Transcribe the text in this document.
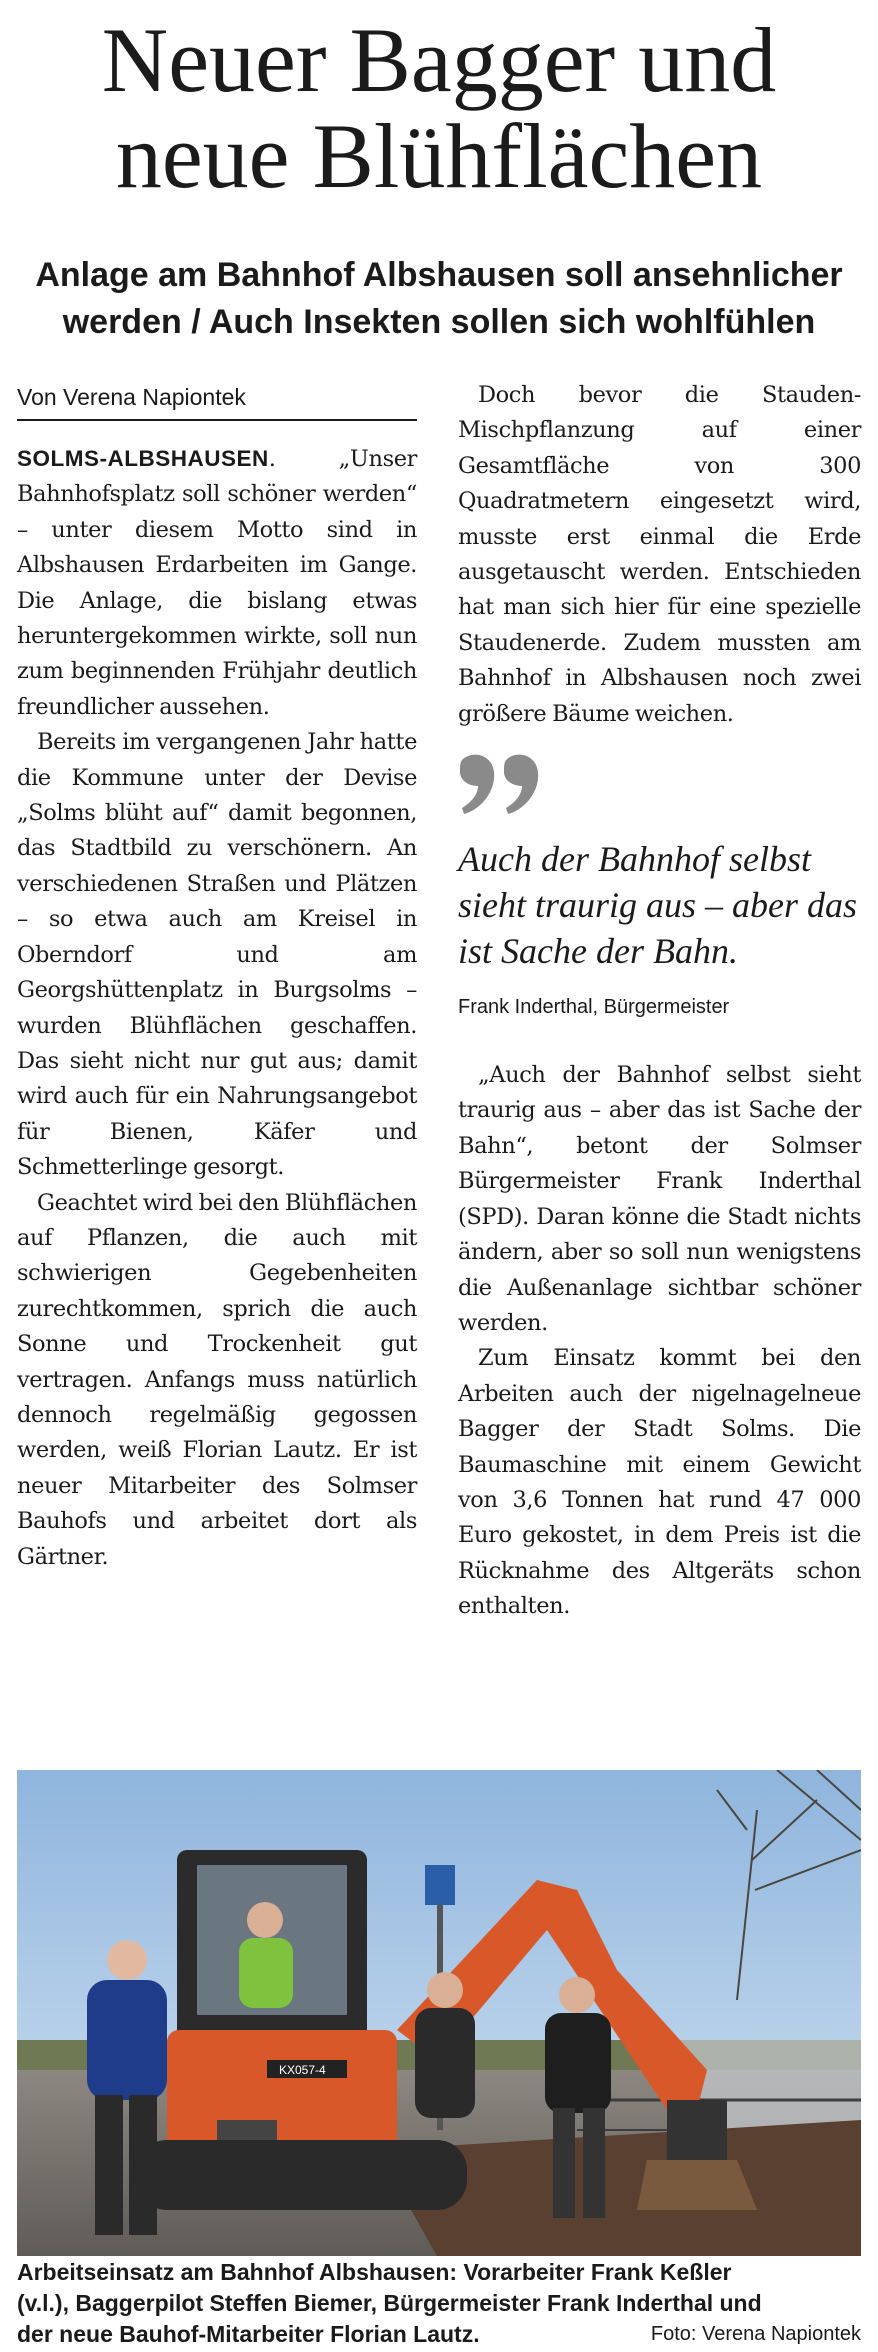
Neuer Bagger und
neue Blühflächen
Anlage am Bahnhof Albshausen soll ansehnlicher
werden / Auch Insekten sollen sich wohlfühlen
Von Verena Napiontek

SOLMS-ALBSHAUSEN. „Unser Bahnhofsplatz soll schöner werden“ – unter diesem Motto sind in Albshausen Erdarbeiten im Gange. Die Anlage, die bislang etwas heruntergekommen wirkte, soll nun zum beginnenden Frühjahr deutlich freundlicher aussehen.

Bereits im vergangenen Jahr hatte die Kommune unter der Devise „Solms blüht auf“ damit begonnen, das Stadtbild zu verschönern. An verschiedenen Straßen und Plätzen – so etwa auch am Kreisel in Oberndorf und am Georgshüttenplatz in Burgsolms – wurden Blühflächen geschaffen. Das sieht nicht nur gut aus; damit wird auch für ein Nahrungsangebot für Bienen, Käfer und Schmetterlinge gesorgt.

Geachtet wird bei den Blühflächen auf Pflanzen, die auch mit schwierigen Gegebenheiten zurechtkommen, sprich die auch Sonne und Trockenheit gut vertragen. Anfangs muss natürlich dennoch regelmäßig gegossen werden, weiß Florian Lautz. Er ist neuer Mitarbeiter des Solmser Bauhofs und arbeitet dort als Gärtner.

Doch bevor die Stauden-Mischpflanzung auf einer Gesamtfläche von 300 Quadratmetern eingesetzt wird, musste erst einmal die Erde ausgetauscht werden. Entschieden hat man sich hier für eine spezielle Staudenerde. Zudem mussten am Bahnhof in Albshausen noch zwei größere Bäume weichen.

Auch der Bahnhof selbst sieht traurig aus – aber das ist Sache der Bahn.
Frank Inderthal, Bürgermeister

„Auch der Bahnhof selbst sieht traurig aus – aber das ist Sache der Bahn“, betont der Solmser Bürgermeister Frank Inderthal (SPD). Daran könne die Stadt nichts ändern, aber so soll nun wenigstens die Außenanlage sichtbar schöner werden.

Zum Einsatz kommt bei den Arbeiten auch der nigelnagelneue Bagger der Stadt Solms. Die Baumaschine mit einem Gewicht von 3,6 Tonnen hat rund 47 000 Euro gekostet, in dem Preis ist die Rücknahme des Altgeräts schon enthalten.

KX057-4
Arbeitseinsatz am Bahnhof Albshausen: Vorarbeiter Frank Keßler
(v.l.), Baggerpilot Steffen Biemer, Bürgermeister Frank Inderthal und
der neue Bauhof-Mitarbeiter Florian Lautz.	Foto: Verena Napiontek
